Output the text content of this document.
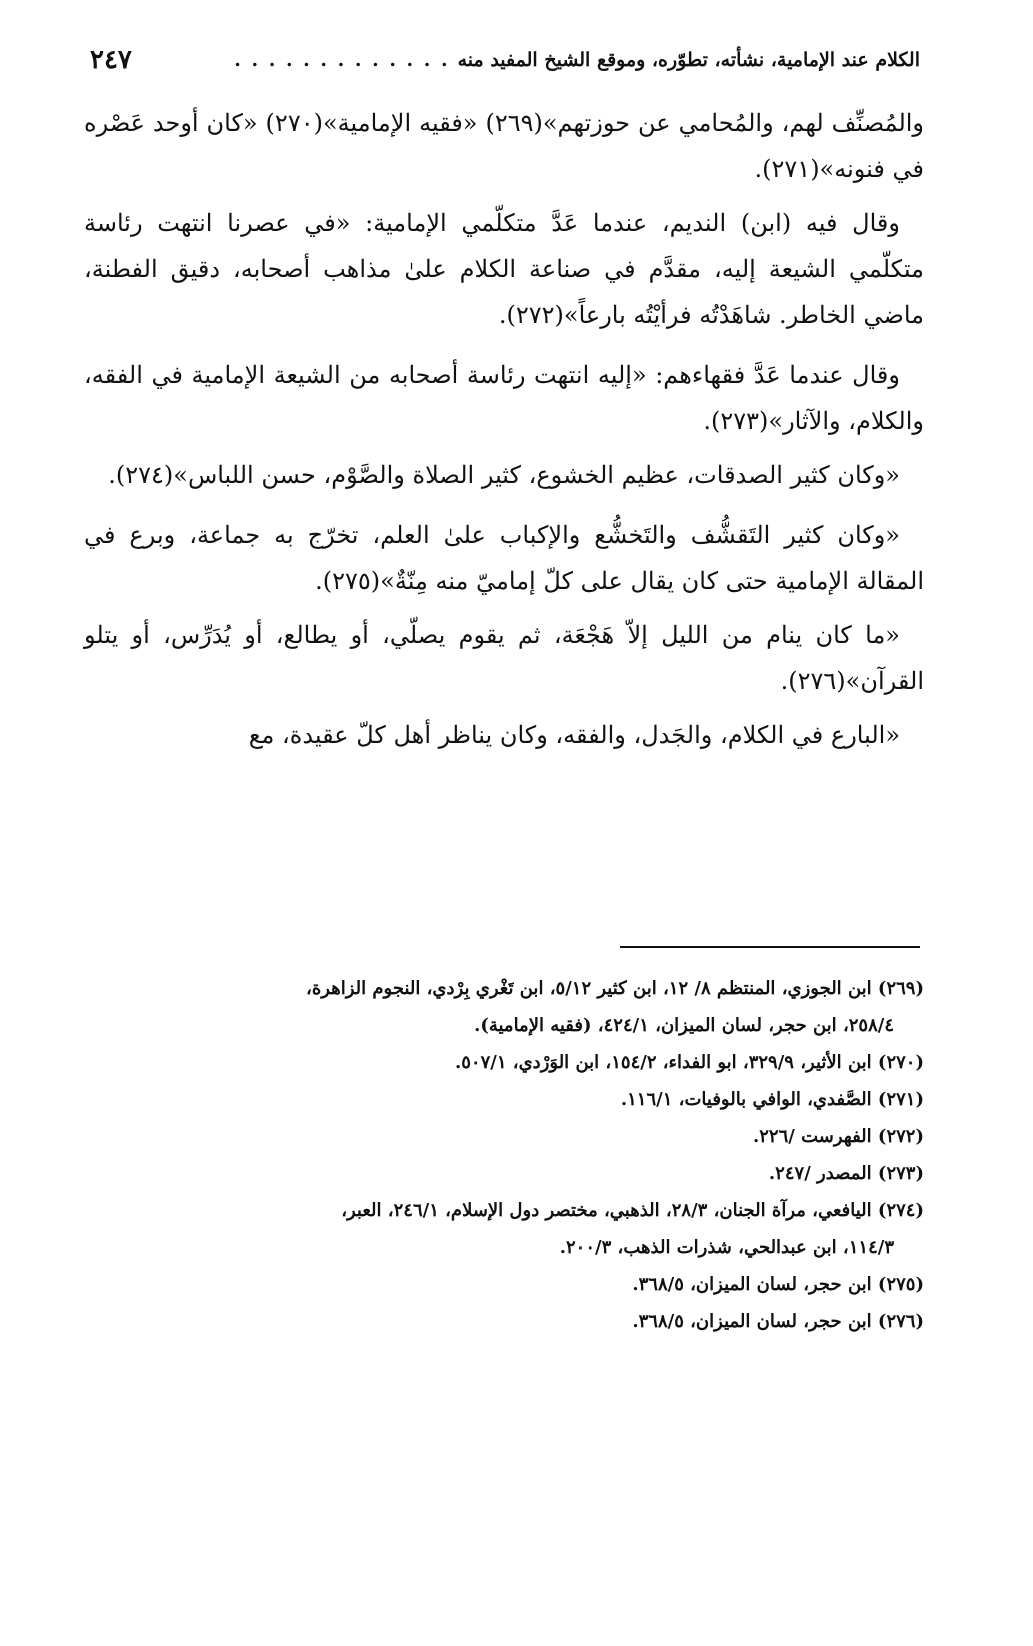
الكلام عند الإمامية، نشأته، تطوّره، وموقع الشيخ المفيد منه
. . . . . . . . . . . . .
٢٤٧

والمُصنِّف لهم، والمُحامي عن حوزتهم»(٢٦٩) «فقيه الإمامية»(٢٧٠) «كان أوحد عَصْره في فنونه»(٢٧١).

وقال فيه (ابن) النديم، عندما عَدَّ متكلّمي الإمامية: «في عصرنا انتهت رئاسة متكلّمي الشيعة إليه، مقدَّم في صناعة الكلام علىٰ مذاهب أصحابه، دقيق الفطنة، ماضي الخاطر. شاهَدْتُه فرأيْتُه بارعاً»(٢٧٢).

وقال عندما عَدَّ فقهاءهم: «إليه انتهت رئاسة أصحابه من الشيعة الإمامية في الفقه، والكلام، والآثار»(٢٧٣).

«وكان كثير الصدقات، عظيم الخشوع، كثير الصلاة والصَّوْم، حسن اللباس»(٢٧٤).

«وكان كثير التَقشُّف والتَخشُّع والإكباب علىٰ العلم، تخرّج به جماعة، وبرع في المقالة الإمامية حتى كان يقال على كلّ إماميّ منه مِنّةٌ»(٢٧٥).

«ما كان ينام من الليل إلاّ هَجْعَة، ثم يقوم يصلّي، أو يطالع، أو يُدَرِّس، أو يتلو القرآن»(٢٧٦).

«البارع في الكلام، والجَدل، والفقه، وكان يناظر أهل كلّ عقيدة، مع

(٢٦٩) ابن الجوزي، المنتظم ٨/ ١٢، ابن كثير ٥/١٢، ابن تَغْري بِرْدي، النجوم الزاهرة،
٢٥٨/٤، ابن حجر، لسان الميزان، ٤٢٤/١، (فقيه الإمامية).

(٢٧٠) ابن الأثير، ٣٢٩/٩، ابو الفداء، ١٥٤/٢، ابن الوَرْدي، ٥٠٧/١.

(٢٧١) الصَّفدي، الوافي بالوفيات، ١١٦/١.

(٢٧٢) الفهرست /٢٢٦.

(٢٧٣) المصدر /٢٤٧.

(٢٧٤) اليافعي، مرآة الجنان، ٢٨/٣، الذهبي، مختصر دول الإسلام، ٢٤٦/١، العبر،
١١٤/٣، ابن عبدالحي، شذرات الذهب، ٢٠٠/٣.

(٢٧٥) ابن حجر، لسان الميزان، ٣٦٨/٥.

(٢٧٦) ابن حجر، لسان الميزان، ٣٦٨/٥.
